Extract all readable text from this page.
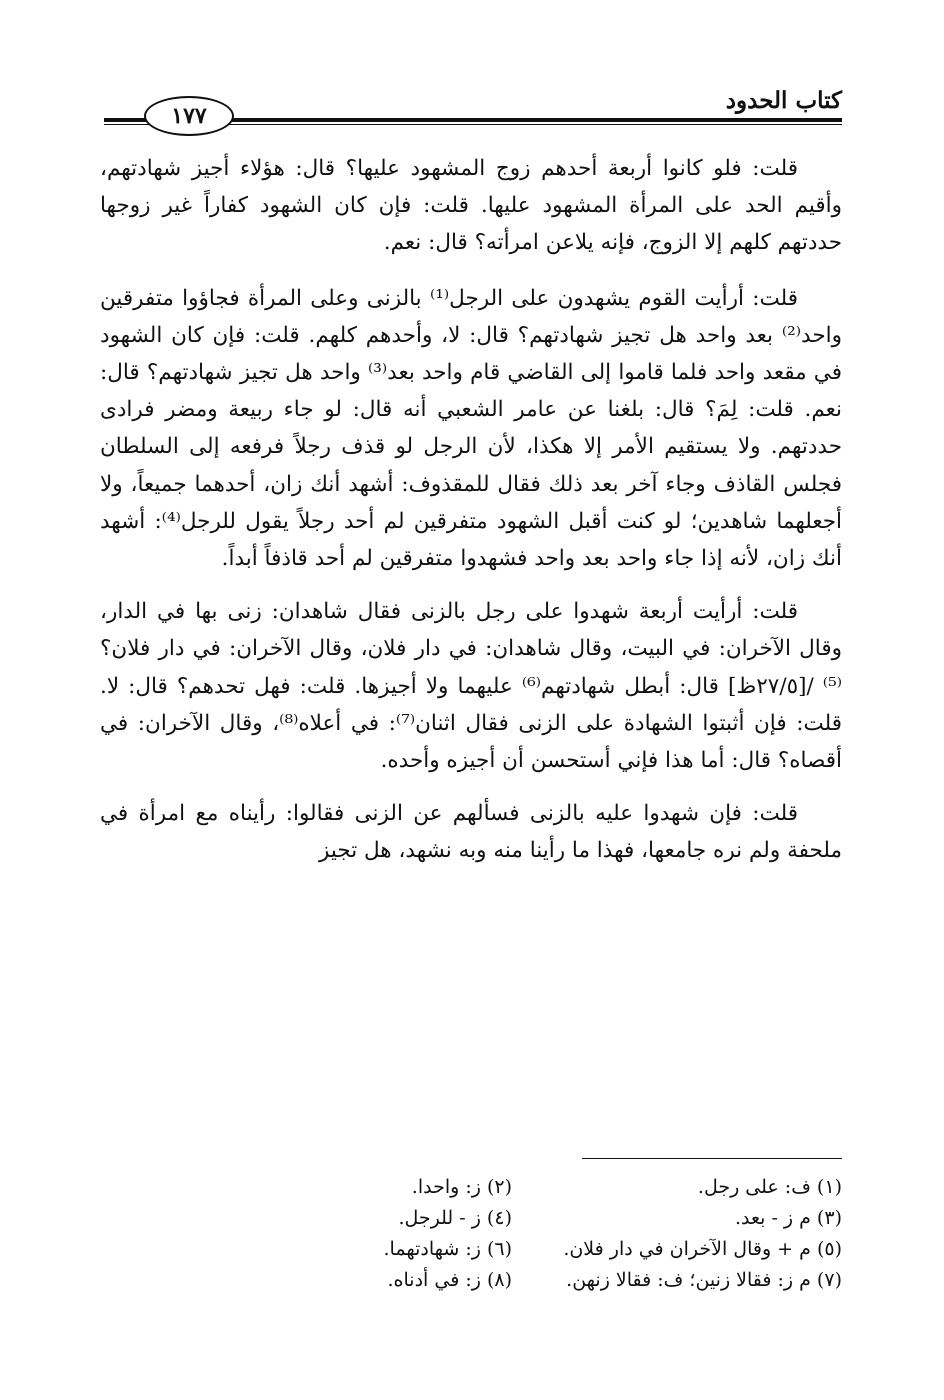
كتاب الحدود
١٧٧

قلت: فلو كانوا أربعة أحدهم زوج المشهود عليها؟ قال: هؤلاء أجيز شهادتهم، وأقيم الحد على المرأة المشهود عليها. قلت: فإن كان الشهود كفاراً غير زوجها حددتهم كلهم إلا الزوج، فإنه يلاعن امرأته؟ قال: نعم.

قلت: أرأيت القوم يشهدون على الرجل⁽¹⁾ بالزنى وعلى المرأة فجاؤوا متفرقين واحد⁽²⁾ بعد واحد هل تجيز شهادتهم؟ قال: لا، وأحدهم كلهم. قلت: فإن كان الشهود في مقعد واحد فلما قاموا إلى القاضي قام واحد بعد⁽³⁾ واحد هل تجيز شهادتهم؟ قال: نعم. قلت: لِمَ؟ قال: بلغنا عن عامر الشعبي أنه قال: لو جاء ربيعة ومضر فرادى حددتهم. ولا يستقيم الأمر إلا هكذا، لأن الرجل لو قذف رجلاً فرفعه إلى السلطان فجلس القاذف وجاء آخر بعد ذلك فقال للمقذوف: أشهد أنك زان، أحدهما جميعاً، ولا أجعلهما شاهدين؛ لو كنت أقبل الشهود متفرقين لم أحد رجلاً يقول للرجل⁽⁴⁾: أشهد أنك زان، لأنه إذا جاء واحد بعد واحد فشهدوا متفرقين لم أحد قاذفاً أبداً.

قلت: أرأيت أربعة شهدوا على رجل بالزنى فقال شاهدان: زنى بها في الدار، وقال الآخران: في البيت، وقال شاهدان: في دار فلان، وقال الآخران: في دار فلان؟⁽⁵⁾ /[٢٧/٥ظ] قال: أبطل شهادتهم⁽⁶⁾ عليهما ولا أجيزها. قلت: فهل تحدهم؟ قال: لا. قلت: فإن أثبتوا الشهادة على الزنى فقال اثنان⁽⁷⁾: في أعلاه⁽⁸⁾، وقال الآخران: في أقصاه؟ قال: أما هذا فإني أستحسن أن أجيزه وأحده.

قلت: فإن شهدوا عليه بالزنى فسألهم عن الزنى فقالوا: رأيناه مع امرأة في ملحفة ولم نره جامعها، فهذا ما رأينا منه وبه نشهد، هل تجيز

(١) ف: على رجل.
(٢) ز: واحدا.
(٣) م ز - بعد.
(٤) ز - للرجل.
(٥) م + وقال الآخران في دار فلان.
(٦) ز: شهادتهما.
(٧) م ز: فقالا زنين؛ ف: فقالا زنهن.
(٨) ز: في أدناه.
